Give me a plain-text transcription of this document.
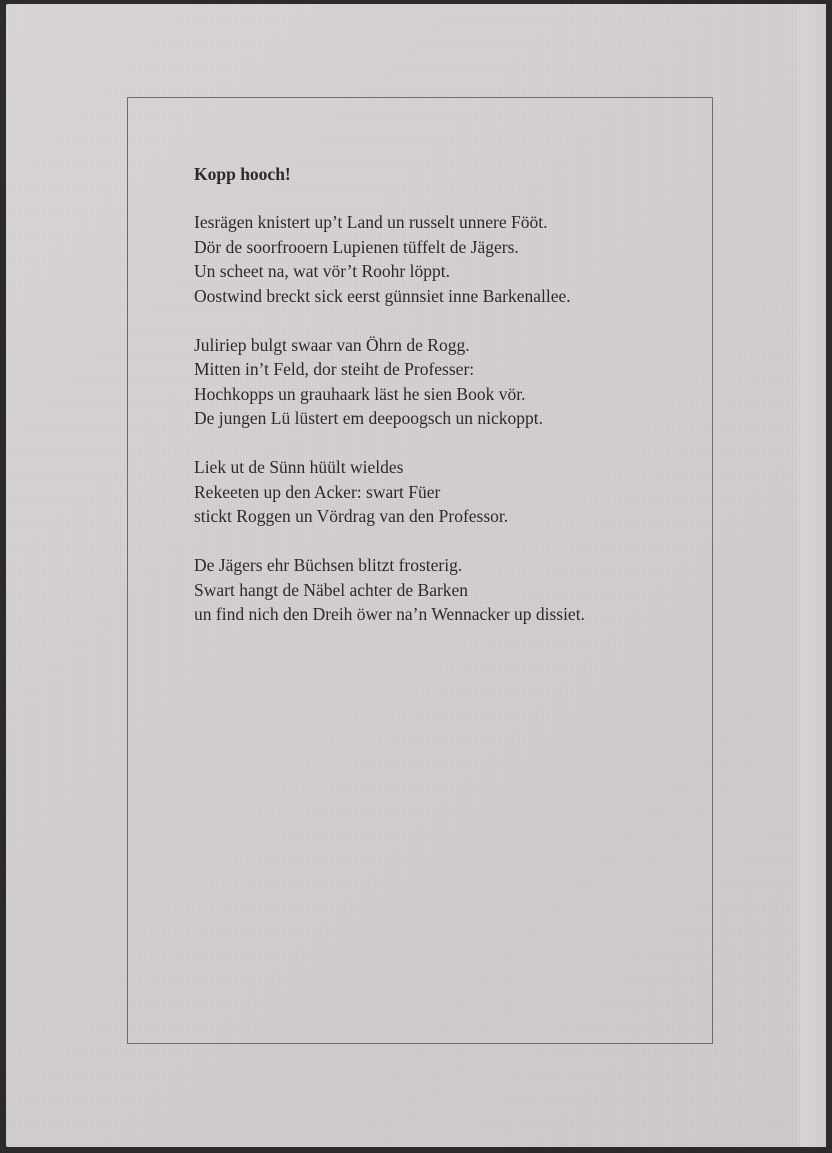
Kopp hooch!
Iesrägen knistert up’t Land un russelt unnere Fööt.
Dör de soorfrooern Lupienen tüffelt de Jägers.
Un scheet na, wat vör’t Roohr löppt.
Oostwind breckt sick eerst günnsiet inne Barkenallee.
Juliriep bulgt swaar van Öhrn de Rogg.
Mitten in’t Feld, dor steiht de Professer:
Hochkopps un grauhaark läst he sien Book vör.
De jungen Lü lüstert em deepoogsch un nickoppt.
Liek ut de Sünn hüült wieldes
Rekeeten up den Acker: swart Füer
stickt Roggen un Vördrag van den Professor.
De Jägers ehr Büchsen blitzt frosterig.
Swart hangt de Näbel achter de Barken
un find nich den Dreih öwer na’n Wennacker up dissiet.
